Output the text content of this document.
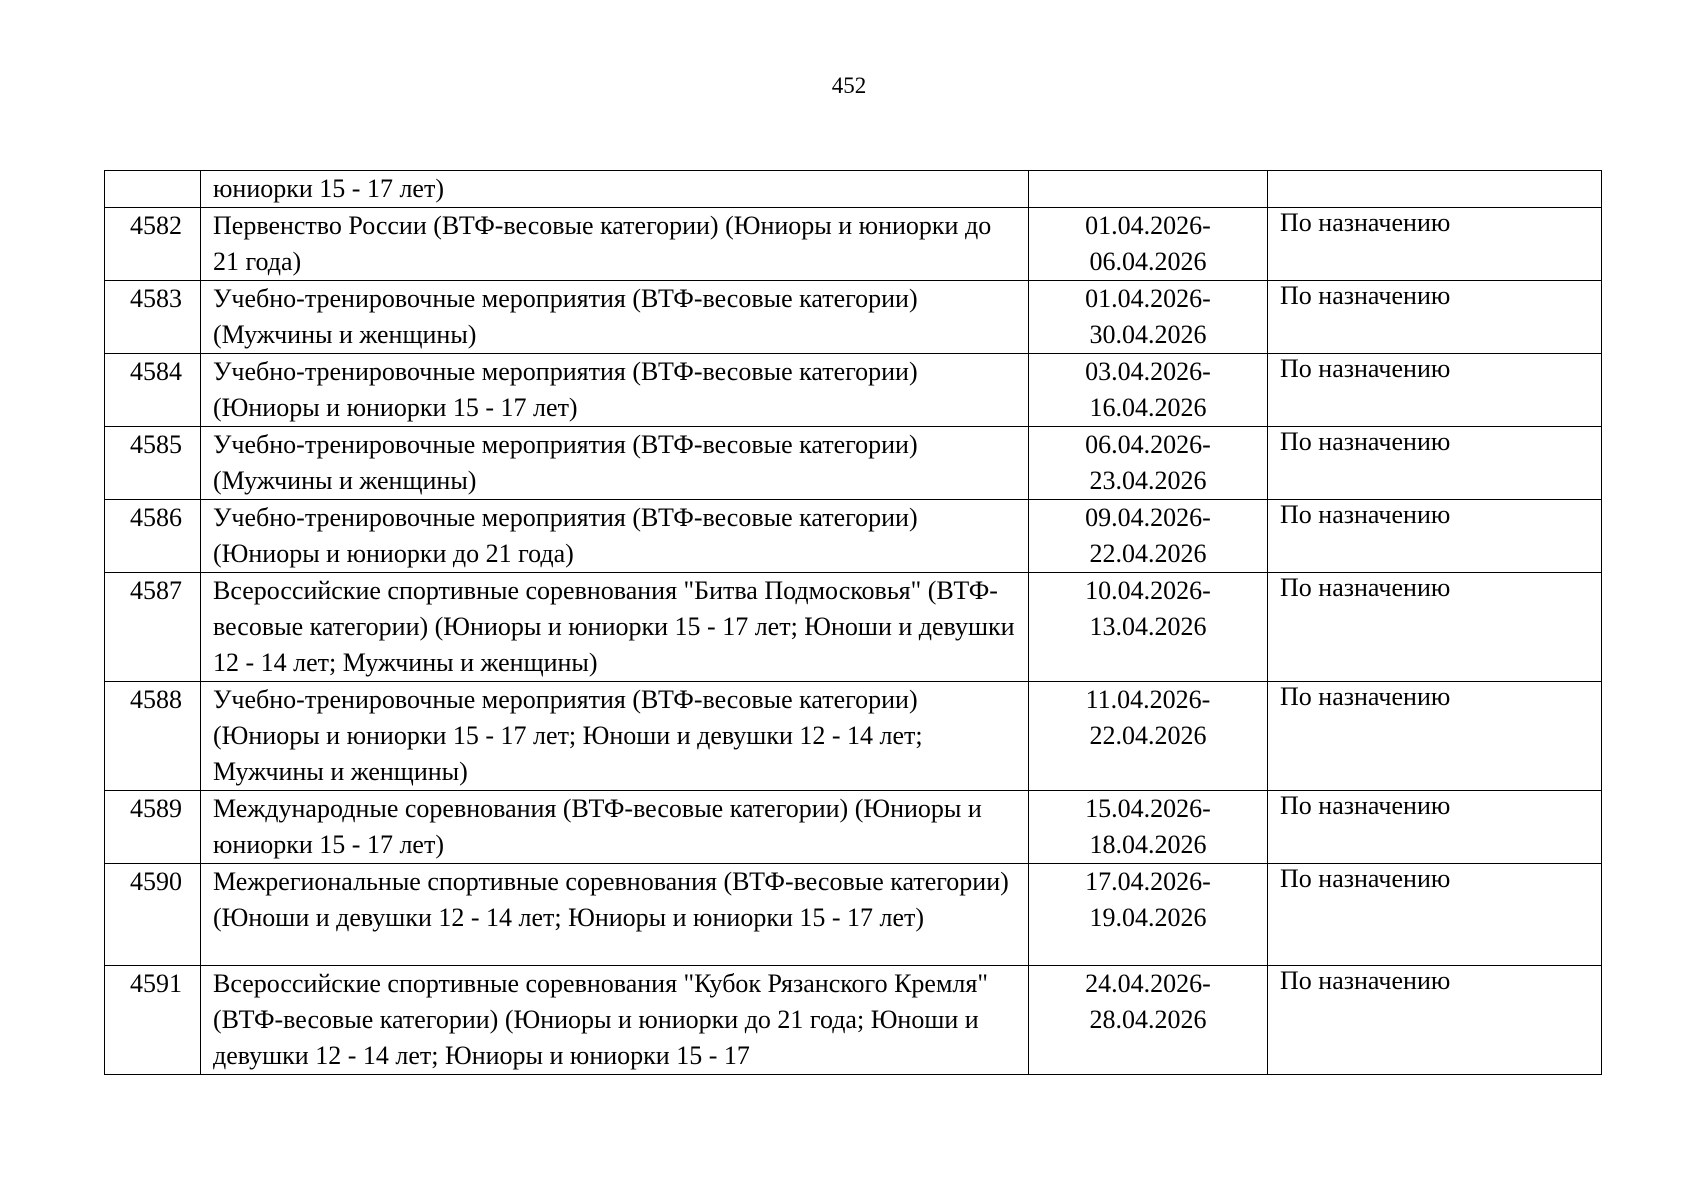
452
	юниорки 15 - 17 лет)		

4582	Первенство России (ВТФ-весовые категории) (Юниоры и юниорки до 21 года)	01.04.2026- 06.04.2026	По назначению

4583	Учебно-тренировочные мероприятия (ВТФ-весовые категории) (Мужчины и женщины)	01.04.2026- 30.04.2026	По назначению

4584	Учебно-тренировочные мероприятия (ВТФ-весовые категории) (Юниоры и юниорки 15 - 17 лет)	03.04.2026- 16.04.2026	По назначению

4585	Учебно-тренировочные мероприятия (ВТФ-весовые категории) (Мужчины и женщины)	06.04.2026- 23.04.2026	По назначению

4586	Учебно-тренировочные мероприятия (ВТФ-весовые категории) (Юниоры и юниорки до 21 года)	09.04.2026- 22.04.2026	По назначению

4587	Всероссийские спортивные соревнования "Битва Подмосковья" (ВТФ-весовые категории) (Юниоры и юниорки 15 - 17 лет; Юноши и девушки 12 - 14 лет; Мужчины и женщины)	10.04.2026- 13.04.2026	По назначению

4588	Учебно-тренировочные мероприятия (ВТФ-весовые категории) (Юниоры и юниорки 15 - 17 лет; Юноши и девушки 12 - 14 лет; Мужчины и женщины)	11.04.2026- 22.04.2026	По назначению

4589	Международные соревнования (ВТФ-весовые категории) (Юниоры и юниорки 15 - 17 лет)	15.04.2026- 18.04.2026	По назначению

4590	Межрегиональные спортивные соревнования (ВТФ-весовые категории) (Юноши и девушки 12 - 14 лет; Юниоры и юниорки 15 - 17 лет)	17.04.2026- 19.04.2026	По назначению

4591	Всероссийские спортивные соревнования "Кубок Рязанского Кремля" (ВТФ-весовые категории) (Юниоры и юниорки до 21 года; Юноши и девушки 12 - 14 лет; Юниоры и юниорки 15 - 17	24.04.2026- 28.04.2026	По назначению
